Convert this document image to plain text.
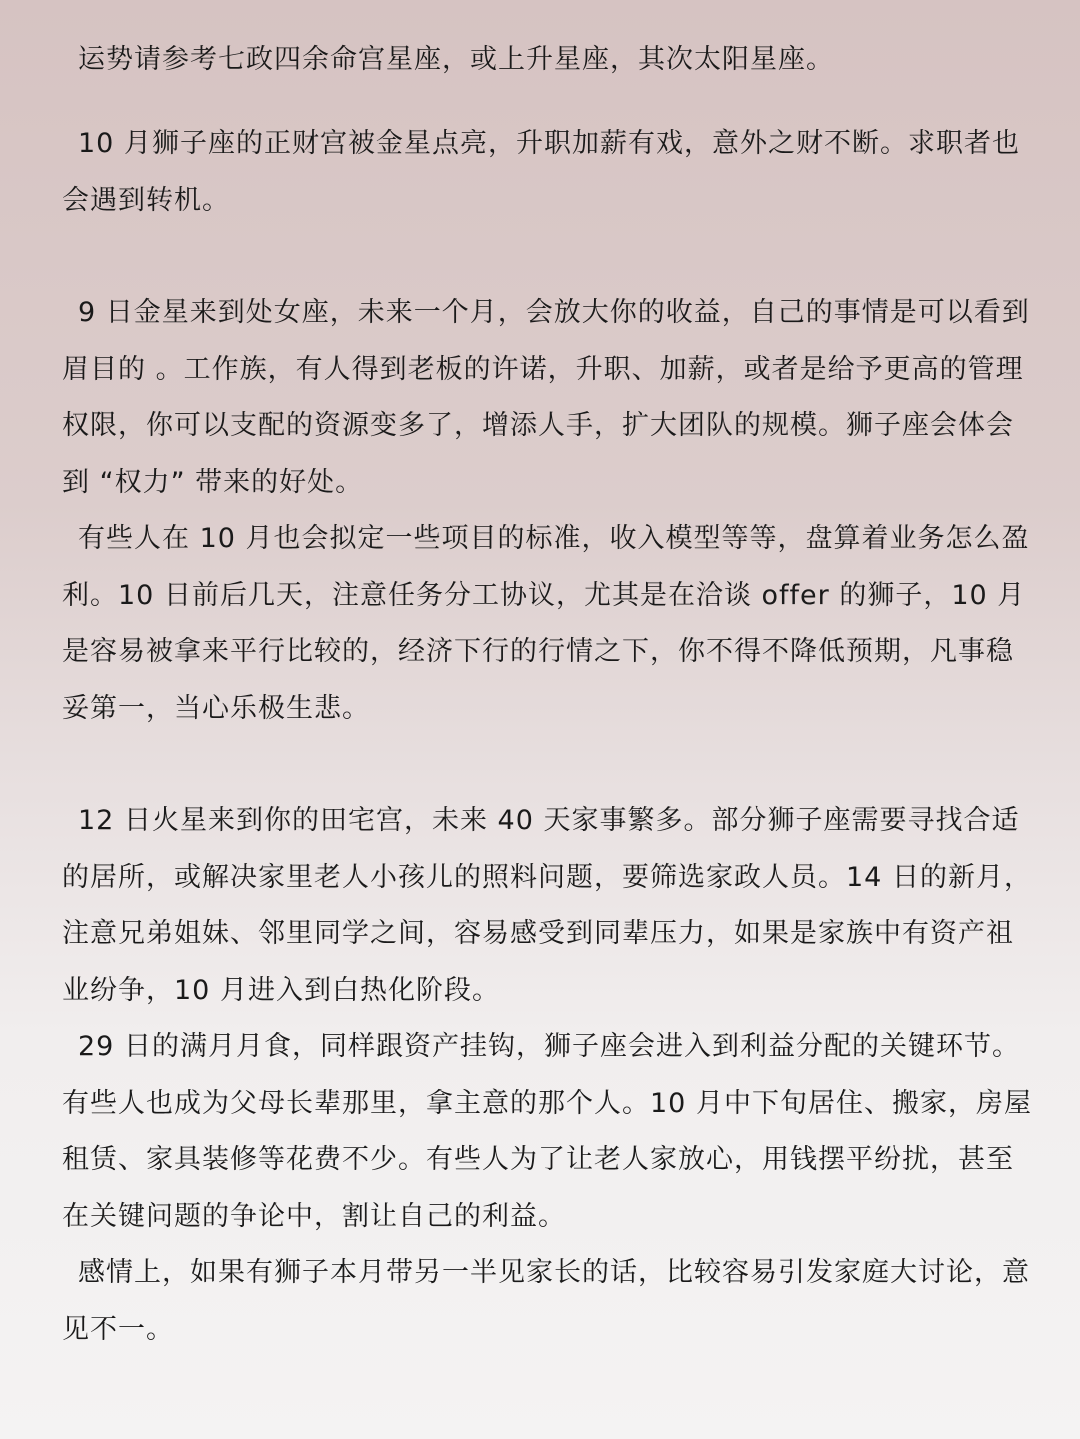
运势请参考七政四余命宫星座，或上升星座，其次太阳星座。

10 月狮子座的正财宫被金星点亮，升职加薪有戏，意外之财不断。求职者也会遇到转机。

9 日金星来到处女座，未来一个月，会放大你的收益，自己的事情是可以看到眉目的 。工作族，有人得到老板的许诺，升职、加薪，或者是给予更高的管理权限，你可以支配的资源变多了，增添人手，扩大团队的规模。狮子座会体会到 “权力” 带来的好处。

有些人在 10 月也会拟定一些项目的标准，收入模型等等，盘算着业务怎么盈利。10 日前后几天，注意任务分工协议，尤其是在洽谈 offer 的狮子，10 月是容易被拿来平行比较的，经济下行的行情之下，你不得不降低预期，凡事稳妥第一，当心乐极生悲。

12 日火星来到你的田宅宫，未来 40 天家事繁多。部分狮子座需要寻找合适的居所，或解决家里老人小孩儿的照料问题，要筛选家政人员。14 日的新月，注意兄弟姐妹、邻里同学之间，容易感受到同辈压力，如果是家族中有资产祖业纷争，10 月进入到白热化阶段。

29 日的满月月食，同样跟资产挂钩，狮子座会进入到利益分配的关键环节。有些人也成为父母长辈那里，拿主意的那个人。10 月中下旬居住、搬家，房屋租赁、家具装修等花费不少。有些人为了让老人家放心，用钱摆平纷扰，甚至在关键问题的争论中，割让自己的利益。

感情上，如果有狮子本月带另一半见家长的话，比较容易引发家庭大讨论，意见不一。
